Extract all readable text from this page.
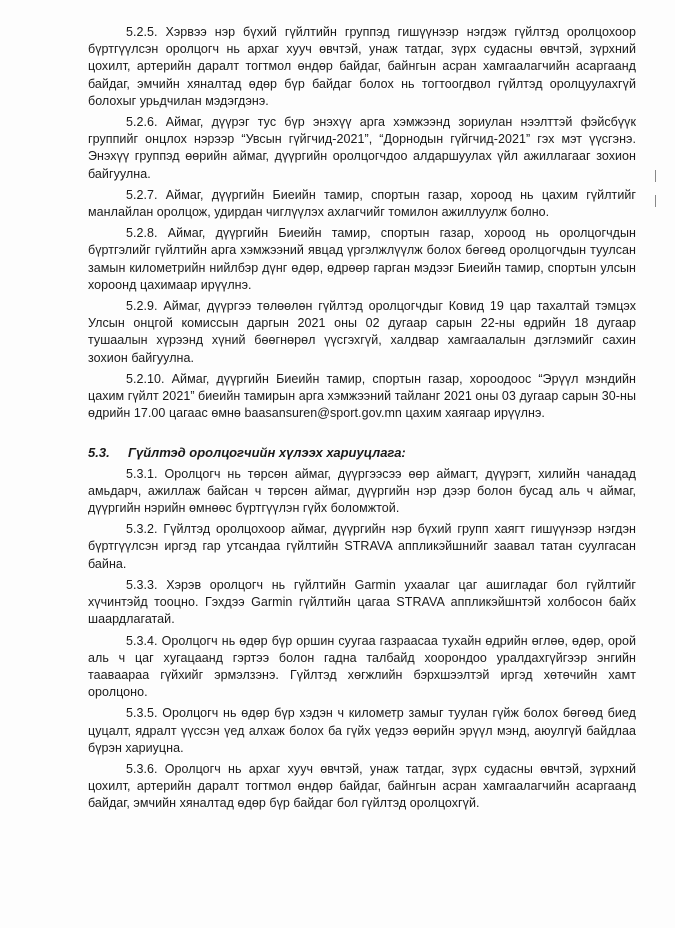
5.2.5. Хэрвээ нэр бүхий гүйлтийн группэд гишүүнээр нэгдэж гүйлтэд оролцохоор бүртгүүлсэн оролцогч нь архаг хууч өвчтэй, унаж татдаг, зүрх судасны өвчтэй, зүрхний цохилт, артерийн даралт тогтмол өндөр байдаг, байнгын асран хамгаалагчийн асаргаанд байдаг, эмчийн хяналтад өдөр бүр байдаг болох нь тогтоогдвол гүйлтэд оролцуулахгүй болохыг урьдчилан мэдэгдэнэ.

5.2.6. Аймаг, дүүрэг тус бүр энэхүү арга хэмжээнд зориулан нээлттэй фэйсбүүк группийг онцлох нэрээр “Увсын гүйгчид-2021”, “Дорнодын гүйгчид-2021” гэх мэт үүсгэнэ. Энэхүү группэд өөрийн аймаг, дүүргийн оролцогчдоо алдаршуулах үйл ажиллагааг зохион байгуулна.

5.2.7. Аймаг, дүүргийн Биеийн тамир, спортын газар, хороод нь цахим гүйлтийг манлайлан оролцож, удирдан чиглүүлэх ахлагчийг томилон ажиллуулж болно.

5.2.8. Аймаг, дүүргийн Биеийн тамир, спортын газар, хороод нь оролцогчдын бүртгэлийг гүйлтийн арга хэмжээний явцад үргэлжлүүлж болох бөгөөд оролцогчдын туулсан замын километрийн нийлбэр дүнг өдөр, өдрөөр гарган мэдээг Биеийн тамир, спортын улсын хороонд цахимаар ирүүлнэ.

5.2.9. Аймаг, дүүргээ төлөөлөн гүйлтэд оролцогчдыг Ковид 19 цар тахалтай тэмцэх Улсын онцгой комиссын даргын 2021 оны 02 дугаар сарын 22-ны өдрийн 18 дугаар тушаалын хүрээнд хүний бөөгнөрөл үүсгэхгүй, халдвар хамгаалалын дэглэмийг сахин зохион байгуулна.

5.2.10. Аймаг, дүүргийн Биеийн тамир, спортын газар, хороодоос “Эрүүл мэндийн цахим гүйлт 2021” биеийн тамирын арга хэмжээний тайланг 2021 оны 03 дугаар сарын 30-ны өдрийн 17.00 цагаас өмнө baasansuren@sport.gov.mn цахим хаягаар ирүүлнэ.

5.3.	Гүйлтэд оролцогчийн хүлээх хариуцлага:

5.3.1. Оролцогч нь төрсөн аймаг, дүүргээсээ өөр аймагт, дүүрэгт, хилийн чанадад амьдарч, ажиллаж байсан ч төрсөн аймаг, дүүргийн нэр дээр болон бусад аль ч аймаг, дүүргийн нэрийн өмнөөс бүртгүүлэн гүйх боломжтой.

5.3.2. Гүйлтэд оролцохоор аймаг, дүүргийн нэр бүхий групп хаягт гишүүнээр нэгдэн бүртгүүлсэн иргэд гар утсандаа гүйлтийн STRAVA аппликэйшнийг заавал татан суулгасан байна.

5.3.3. Хэрэв оролцогч нь гүйлтийн Garmin ухаалаг цаг ашигладаг бол гүйлтийг хүчинтэйд тооцно. Гэхдээ Garmin гүйлтийн цагаа STRAVA аппликэйшнтэй холбосон байх шаардлагатай.

5.3.4. Оролцогч нь өдөр бүр оршин суугаа газраасаа тухайн өдрийн өглөө, өдөр, орой аль ч цаг хугацаанд гэртээ болон гадна талбайд хоорондоо уралдахгүйгээр энгийн тааваараа гүйхийг эрмэлзэнэ. Гүйлтэд хөгжлийн бэрхшээлтэй иргэд хөтөчийн хамт оролцоно.

5.3.5. Оролцогч нь өдөр бүр хэдэн ч километр замыг туулан гүйж болох бөгөөд биед цуцалт, ядралт үүссэн үед алхаж болох ба гүйх үедээ өөрийн эрүүл мэнд, аюулгүй байдлаа бүрэн хариуцна.

5.3.6. Оролцогч нь архаг хууч өвчтэй, унаж татдаг, зүрх судасны өвчтэй, зүрхний цохилт, артерийн даралт тогтмол өндөр байдаг, байнгын асран хамгаалагчийн асаргаанд байдаг, эмчийн хяналтад өдөр бүр байдаг бол гүйлтэд оролцохгүй.
